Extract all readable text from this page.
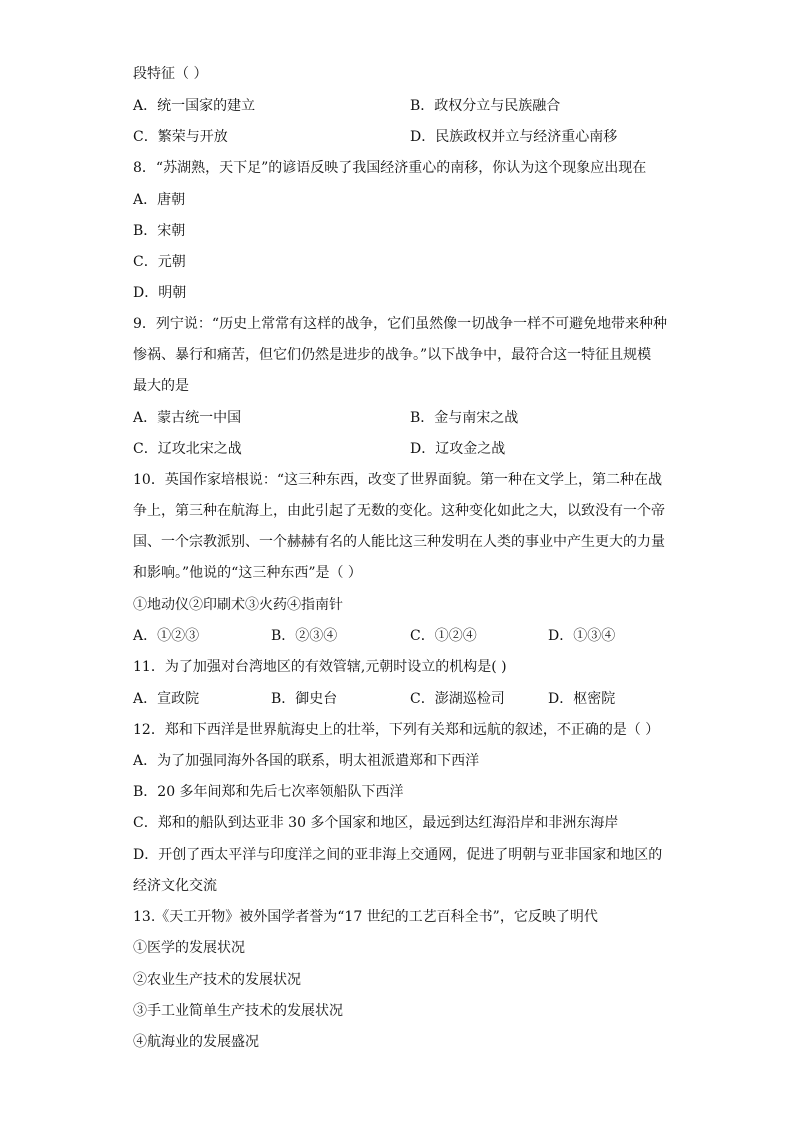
段特征（ ）
A．统一国家的建立	B．政权分立与民族融合
C．繁荣与开放	D．民族政权并立与经济重心南移
8．“苏湖熟，天下足”的谚语反映了我国经济重心的南移，你认为这个现象应出现在
A．唐朝
B．宋朝
C．元朝
D．明朝
9．列宁说：“历史上常常有这样的战争，它们虽然像一切战争一样不可避免地带来种种
惨祸、暴行和痛苦，但它们仍然是进步的战争。”以下战争中，最符合这一特征且规模
最大的是
A．蒙古统一中国	B．金与南宋之战
C．辽攻北宋之战	D．辽攻金之战
10．英国作家培根说：“这三种东西，改变了世界面貌。第一种在文学上，第二种在战
争上，第三种在航海上，由此引起了无数的变化。这种变化如此之大，以致没有一个帝
国、一个宗教派别、一个赫赫有名的人能比这三种发明在人类的事业中产生更大的力量
和影响。”他说的“这三种东西”是（ ）
①地动仪②印刷术③火药④指南针
A．①②③	B．②③④	C．①②④	D．①③④
11．为了加强对台湾地区的有效管辖,元朝时设立的机构是( )
A．宣政院	B．御史台	C．澎湖巡检司	D．枢密院
12．郑和下西洋是世界航海史上的壮举，下列有关郑和远航的叙述，不正确的是（ ）
A．为了加强同海外各国的联系，明太祖派遣郑和下西洋
B．20 多年间郑和先后七次率领船队下西洋
C．郑和的船队到达亚非 30 多个国家和地区，最远到达红海沿岸和非洲东海岸
D．开创了西太平洋与印度洋之间的亚非海上交通网，促进了明朝与亚非国家和地区的
经济文化交流
13.《天工开物》被外国学者誉为“17 世纪的工艺百科全书”，它反映了明代
①医学的发展状况
②农业生产技术的发展状况
③手工业简单生产技术的发展状况
④航海业的发展盛况
